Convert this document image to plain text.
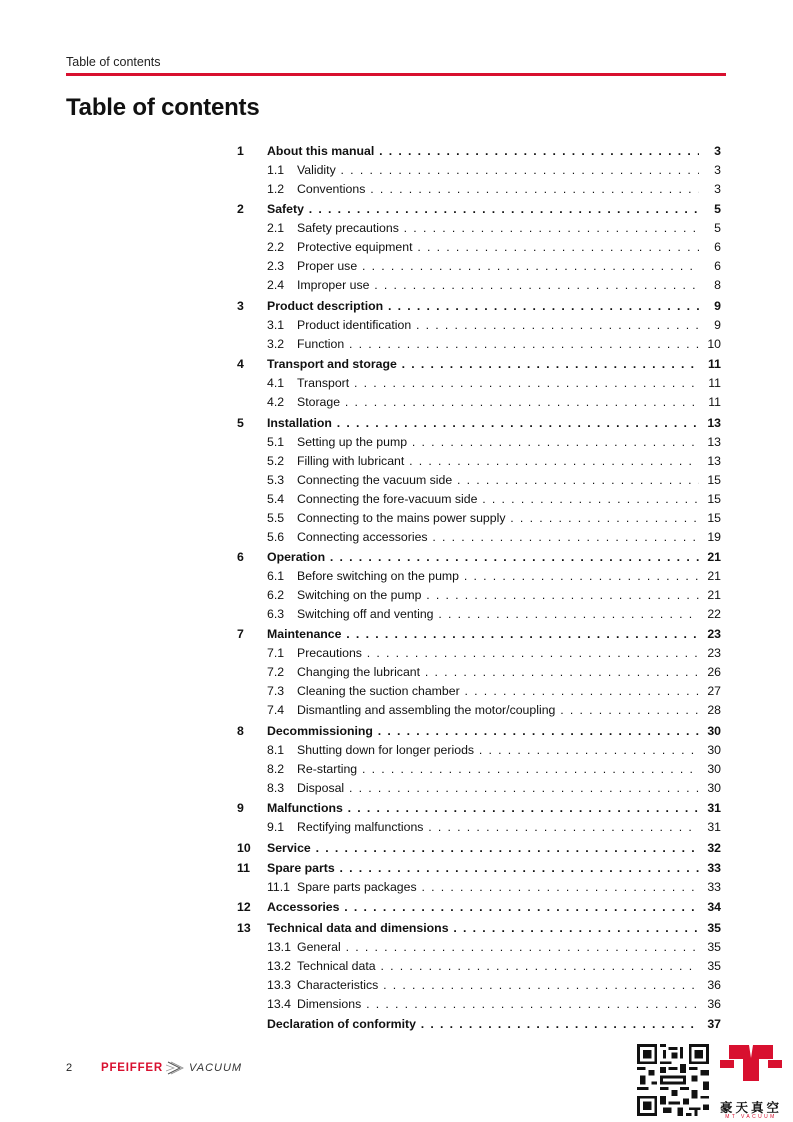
Table of contents
Table of contents
1 About this manual . . .	3
1.1 Validity . . .	3
1.2 Conventions . . .	3
2 Safety . . .	5
2.1 Safety precautions . . .	5
2.2 Protective equipment . . .	6
2.3 Proper use . . .	6
2.4 Improper use . . .	8
3 Product description . . .	9
3.1 Product identification . . .	9
3.2 Function . . .	10
4 Transport and storage . . .	11
4.1 Transport . . .	11
4.2 Storage . . .	11
5 Installation . . .	13
5.1 Setting up the pump . . .	13
5.2 Filling with lubricant . . .	13
5.3 Connecting the vacuum side . . .	15
5.4 Connecting the fore-vacuum side . . .	15
5.5 Connecting to the mains power supply . . .	15
5.6 Connecting accessories . . .	19
6 Operation . . .	21
6.1 Before switching on the pump . . .	21
6.2 Switching on the pump . . .	21
6.3 Switching off and venting . . .	22
7 Maintenance . . .	23
7.1 Precautions . . .	23
7.2 Changing the lubricant . . .	26
7.3 Cleaning the suction chamber . . .	27
7.4 Dismantling and assembling the motor/coupling . . .	28
8 Decommissioning . . .	30
8.1 Shutting down for longer periods . . .	30
8.2 Re-starting . . .	30
8.3 Disposal . . .	30
9 Malfunctions . . .	31
9.1 Rectifying malfunctions . . .	31
10 Service . . .	32
11 Spare parts . . .	33
11.1 Spare parts packages . . .	33
12 Accessories . . .	34
13 Technical data and dimensions . . .	35
13.1 General . . .	35
13.2 Technical data . . .	35
13.3 Characteristics . . .	36
13.4 Dimensions . . .	36
Declaration of conformity . . .	37
2	PFEIFFER VACUUM
豪天真空
MT VACUUM
